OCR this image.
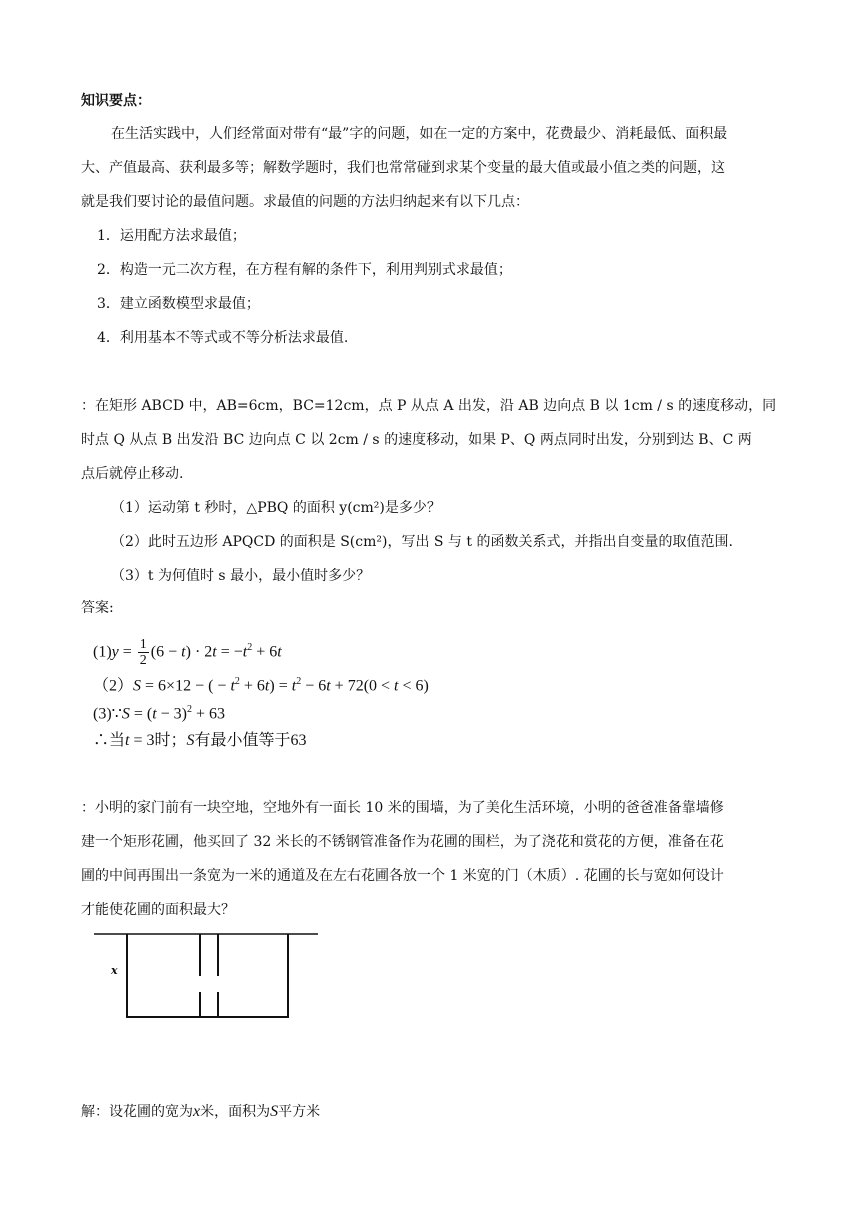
知识要点：
在生活实践中，人们经常面对带有“最”字的问题，如在一定的方案中，花费最少、消耗最低、面积最
大、产值最高、获利最多等；解数学题时，我们也常常碰到求某个变量的最大值或最小值之类的问题，这
就是我们要讨论的最值问题。求最值的问题的方法归纳起来有以下几点：
1．运用配方法求最值；
2．构造一元二次方程，在方程有解的条件下，利用判别式求最值；
3．建立函数模型求最值；
4．利用基本不等式或不等分析法求最值.
：在矩形 ABCD 中，AB=6cm，BC=12cm，点 P 从点 A 出发，沿 AB 边向点 B 以 1cm / s 的速度移动，同
时点 Q 从点 B 出发沿 BC 边向点 C 以 2cm / s 的速度移动，如果 P、Q 两点同时出发，分别到达 B、C 两
点后就停止移动.
（1）运动第 t 秒时，△PBQ 的面积 y(cm²)是多少？
（2）此时五边形 APQCD 的面积是 S(cm²)，写出 S 与 t 的函数关系式，并指出自变量的取值范围.
（3）t 为何值时 s 最小，最小值时多少？
答案:
$(1)y = \frac{1}{2} (6 - t) \cdot 2t = -t^2 + 6t$
（2）S = 6×12 − ( − $t^2 + 6t) = t^2 - 6t + 72(0 < t < 6)$
(3)∵S = $(t - 3)^2 + 63$
∴当t = 3时；S有最小值等于63
：小明的家门前有一块空地，空地外有一面长 10 米的围墙，为了美化生活环境，小明的爸爸准备靠墙修
建一个矩形花圃，他买回了 32 米长的不锈钢管准备作为花圃的围栏，为了浇花和赏花的方便，准备在花
圃的中间再围出一条宽为一米的通道及在左右花圃各放一个 1 米宽的门（木质）. 花圃的长与宽如何设计
才能使花圃的面积最大？
x
解：设花圃的宽为x米，面积为S平方米
